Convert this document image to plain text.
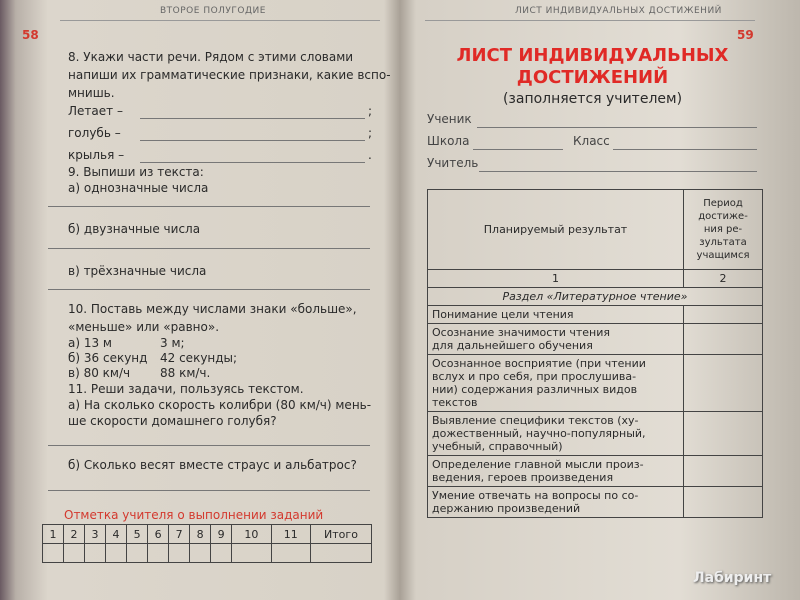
ВТОРОЕ ПОЛУГОДИЕ
58
8. Укажи части речи. Рядом с этими словами
напиши их грамматические признаки, какие вспо-
мнишь.
Летает –	;
голубь –	;
крылья –	.
9. Выпиши из текста:
а) однозначные числа
б) двузначные числа
в) трёхзначные числа
10. Поставь между числами знаки «больше»,
«меньше» или «равно».
а) 13 м	3 м;
б) 36 секунд 42 секунды;
в) 80 км/ч 88 км/ч.
11. Реши задачи, пользуясь текстом.
а) На сколько скорость колибри (80 км/ч) мень-
ше скорости домашнего голубя?
б) Сколько весят вместе страус и альбатрос?
Отметка учителя о выполнении заданий
1	2	3	4	5	6	7	8	9	10	11	Итого

ЛИСТ ИНДИВИДУАЛЬНЫХ ДОСТИЖЕНИЙ
59
ЛИСТ ИНДИВИДУАЛЬНЫХ
ДОСТИЖЕНИЙ
(заполняется учителем)
Ученик
Школа	Класс
Учитель
Планируемый результат	Период
достиже-
ния ре-
зультата
учащимся

1	2
Раздел «Литературное чтение»	

Понимание цели чтения	

Осознание значимости чтения
для дальнейшего обучения	

Осознанное восприятие (при чтении
вслух и про себя, при прослушива-
нии) содержания различных видов
текстов	

Выявление специфики текстов (ху-
дожественный, научно-популярный,
учебный, справочный)	

Определение главной мысли произ-
ведения, героев произведения	

Умение отвечать на вопросы по со-
держанию произведений	

Лабиринт
